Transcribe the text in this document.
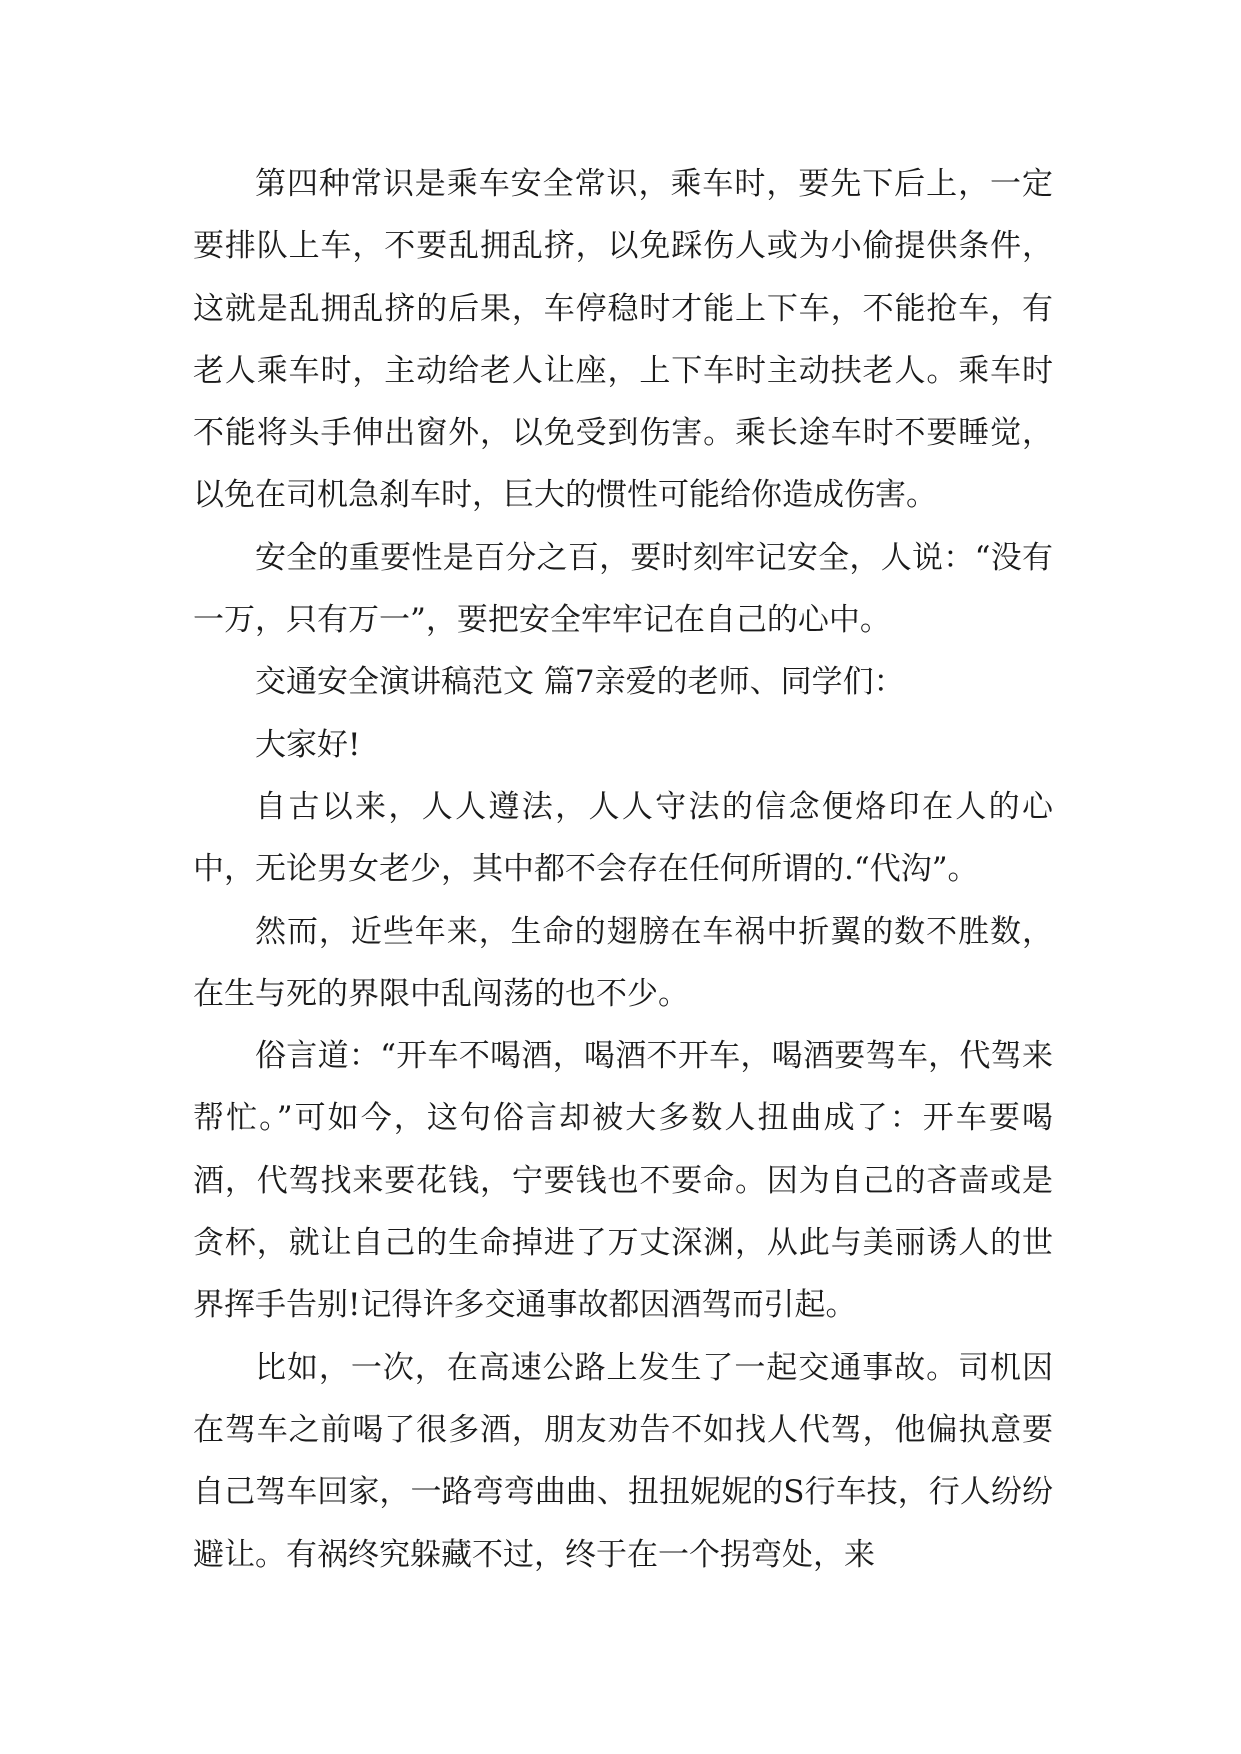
第四种常识是乘车安全常识，乘车时，要先下后上，一定要排队上车，不要乱拥乱挤，以免踩伤人或为小偷提供条件，这就是乱拥乱挤的后果，车停稳时才能上下车，不能抢车，有老人乘车时，主动给老人让座，上下车时主动扶老人。乘车时不能将头手伸出窗外，以免受到伤害。乘长途车时不要睡觉，以免在司机急刹车时，巨大的惯性可能给你造成伤害。

安全的重要性是百分之百，要时刻牢记安全，人说：“没有一万，只有万一”，要把安全牢牢记在自己的心中。

交通安全演讲稿范文 篇7亲爱的老师、同学们：

大家好!

自古以来，人人遵法，人人守法的信念便烙印在人的心中，无论男女老少，其中都不会存在任何所谓的.“代沟”。

然而，近些年来，生命的翅膀在车祸中折翼的数不胜数，在生与死的界限中乱闯荡的也不少。

俗言道：“开车不喝酒，喝酒不开车，喝酒要驾车，代驾来帮忙。”可如今，这句俗言却被大多数人扭曲成了：开车要喝酒，代驾找来要花钱，宁要钱也不要命。因为自己的吝啬或是贪杯，就让自己的生命掉进了万丈深渊，从此与美丽诱人的世界挥手告别!记得许多交通事故都因酒驾而引起。

比如，一次，在高速公路上发生了一起交通事故。司机因在驾车之前喝了很多酒，朋友劝告不如找人代驾，他偏执意要自己驾车回家，一路弯弯曲曲、扭扭妮妮的S行车技，行人纷纷避让。有祸终究躲藏不过，终于在一个拐弯处，来
